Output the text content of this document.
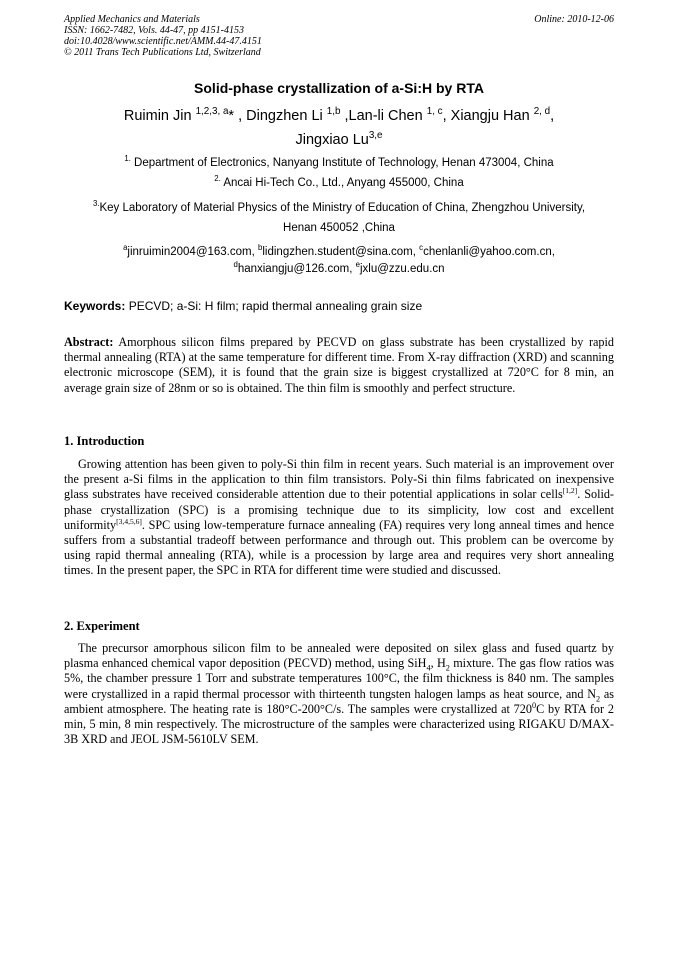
Applied Mechanics and Materials
ISSN: 1662-7482, Vols. 44-47, pp 4151-4153
doi:10.4028/www.scientific.net/AMM.44-47.4151
© 2011 Trans Tech Publications Ltd, Switzerland
Online: 2010-12-06
Solid-phase crystallization of a-Si:H by RTA
Ruimin Jin $^{1,2,3, a}$* , Dingzhen Li $^{1,b}$ ,Lan-li Chen $^{1, c}$, Xiangju Han $^{2, d}$,
Jingxiao Lu$^{3,e}$
$^{1.}$ Department of Electronics, Nanyang Institute of Technology, Henan 473004, China
$^{2.}$ Ancai Hi-Tech Co., Ltd., Anyang 455000, China
$^{3.}$Key Laboratory of Material Physics of the Ministry of Education of China, Zhengzhou University,
Henan 450052 ,China
$^a$jinruimin2004@163.com, $^b$lidingzhen.student@sina.com, $^c$chenlanli@yahoo.com.cn,
$^d$hanxiangju@126.com, $^e$jxlu@zzu.edu.cn
Keywords: PECVD; a-Si: H film; rapid thermal annealing grain size
Abstract: Amorphous silicon films prepared by PECVD on glass substrate has been crystallized by rapid thermal annealing (RTA) at the same temperature for different time. From X-ray diffraction (XRD) and scanning electronic microscope (SEM), it is found that the grain size is biggest crystallized at 720°C for 8 min, an average grain size of 28nm or so is obtained. The thin film is smoothly and perfect structure.
1. Introduction
Growing attention has been given to poly-Si thin film in recent years. Such material is an improvement over the present a-Si films in the application to thin film transistors. Poly-Si thin films fabricated on inexpensive glass substrates have received considerable attention due to their potential applications in solar cells[1,2]. Solid-phase crystallization (SPC) is a promising technique due to its simplicity, low cost and excellent uniformity[3,4,5,6]. SPC using low-temperature furnace annealing (FA) requires very long anneal times and hence suffers from a substantial tradeoff between performance and through out. This problem can be overcome by using rapid thermal annealing (RTA), while is a procession by large area and requires very short annealing times. In the present paper, the SPC in RTA for different time were studied and discussed.
2. Experiment
The precursor amorphous silicon film to be annealed were deposited on silex glass and fused quartz by plasma enhanced chemical vapor deposition (PECVD) method, using SiH$_4$, $H_2$ mixture. The gas flow ratios was 5%, the chamber pressure 1 Torr and substrate temperatures 100°C, the film thickness is 840 nm. The samples were crystallized in a rapid thermal processor with thirteenth tungsten halogen lamps as heat source, and $N_2$ as ambient atmosphere. The heating rate is 180°C-200°C/s. The samples were crystallized at $720^0C$ by RTA for 2 min, 5 min, 8 min respectively. The microstructure of the samples were characterized using RIGAKU D/MAX-3B XRD and JEOL JSM-5610LV SEM.
